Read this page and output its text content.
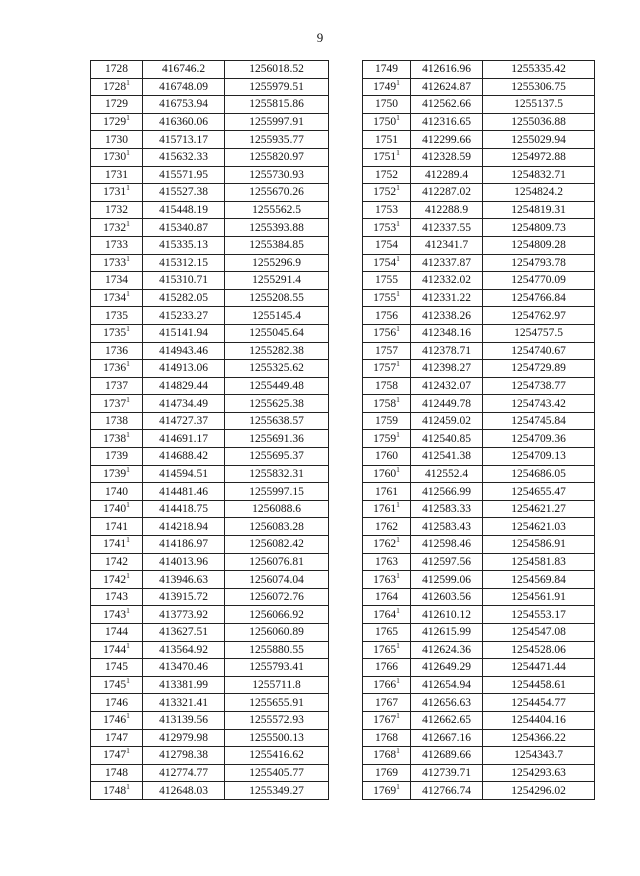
9
1728	416746.2	1256018.52
1728$^1$	416748.09	1255979.51
1729	416753.94	1255815.86
1729$^1$	416360.06	1255997.91
1730	415713.17	1255935.77
1730$^1$	415632.33	1255820.97
1731	415571.95	1255730.93
1731$^1$	415527.38	1255670.26
1732	415448.19	1255562.5
1732$^1$	415340.87	1255393.88
1733	415335.13	1255384.85
1733$^1$	415312.15	1255296.9
1734	415310.71	1255291.4
1734$^1$	415282.05	1255208.55
1735	415233.27	1255145.4
1735$^1$	415141.94	1255045.64
1736	414943.46	1255282.38
1736$^1$	414913.06	1255325.62
1737	414829.44	1255449.48
1737$^1$	414734.49	1255625.38
1738	414727.37	1255638.57
1738$^1$	414691.17	1255691.36
1739	414688.42	1255695.37
1739$^1$	414594.51	1255832.31
1740	414481.46	1255997.15
1740$^1$	414418.75	1256088.6
1741	414218.94	1256083.28
1741$^1$	414186.97	1256082.42
1742	414013.96	1256076.81
1742$^1$	413946.63	1256074.04
1743	413915.72	1256072.76
1743$^1$	413773.92	1256066.92
1744	413627.51	1256060.89
1744$^1$	413564.92	1255880.55
1745	413470.46	1255793.41
1745$^1$	413381.99	1255711.8
1746	413321.41	1255655.91
1746$^1$	413139.56	1255572.93
1747	412979.98	1255500.13
1747$^1$	412798.38	1255416.62
1748	412774.77	1255405.77
1748$^1$	412648.03	1255349.27
1749	412616.96	1255335.42
1749$^1$	412624.87	1255306.75
1750	412562.66	1255137.5
1750$^1$	412316.65	1255036.88
1751	412299.66	1255029.94
1751$^1$	412328.59	1254972.88
1752	412289.4	1254832.71
1752$^1$	412287.02	1254824.2
1753	412288.9	1254819.31
1753$^1$	412337.55	1254809.73
1754	412341.7	1254809.28
1754$^1$	412337.87	1254793.78
1755	412332.02	1254770.09
1755$^1$	412331.22	1254766.84
1756	412338.26	1254762.97
1756$^1$	412348.16	1254757.5
1757	412378.71	1254740.67
1757$^1$	412398.27	1254729.89
1758	412432.07	1254738.77
1758$^1$	412449.78	1254743.42
1759	412459.02	1254745.84
1759$^1$	412540.85	1254709.36
1760	412541.38	1254709.13
1760$^1$	412552.4	1254686.05
1761	412566.99	1254655.47
1761$^1$	412583.33	1254621.27
1762	412583.43	1254621.03
1762$^1$	412598.46	1254586.91
1763	412597.56	1254581.83
1763$^1$	412599.06	1254569.84
1764	412603.56	1254561.91
1764$^1$	412610.12	1254553.17
1765	412615.99	1254547.08
1765$^1$	412624.36	1254528.06
1766	412649.29	1254471.44
1766$^1$	412654.94	1254458.61
1767	412656.63	1254454.77
1767$^1$	412662.65	1254404.16
1768	412667.16	1254366.22
1768$^1$	412689.66	1254343.7
1769	412739.71	1254293.63
1769$^1$	412766.74	1254296.02
